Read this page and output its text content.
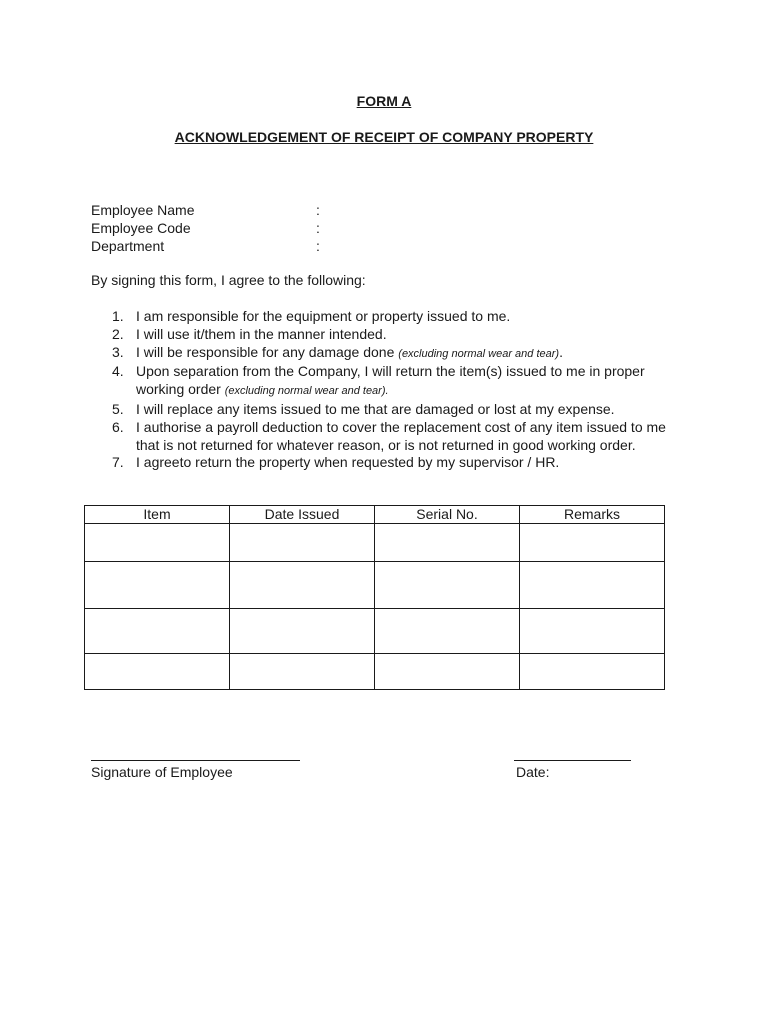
FORM A
ACKNOWLEDGEMENT OF RECEIPT OF COMPANY PROPERTY
Employee Name	:
Employee Code	:
Department	:
By signing this form, I agree to the following:
1. I am responsible for the equipment or property issued to me.
2. I will use it/them in the manner intended.
3. I will be responsible for any damage done (excluding normal wear and tear).
4. Upon separation from the Company, I will return the item(s) issued to me in proper working order (excluding normal wear and tear).
5. I will replace any items issued to me that are damaged or lost at my expense.
6. I authorise a payroll deduction to cover the replacement cost of any item issued to me that is not returned for whatever reason, or is not returned in good working order.
7. I agreeto return the property when requested by my supervisor / HR.
Item	Date Issued	Serial No.	Remarks

Signature of Employee	Date:
